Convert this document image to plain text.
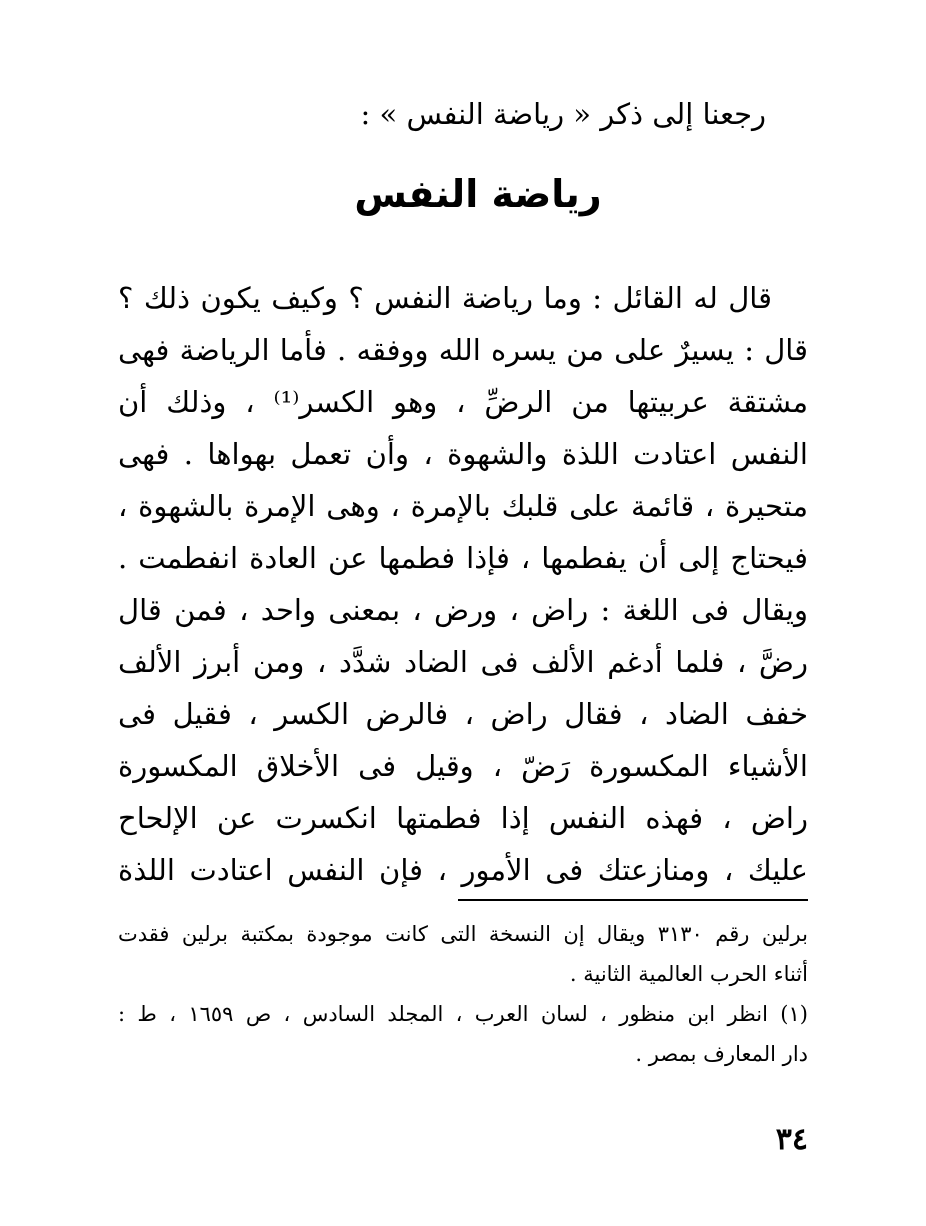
رجعنا إلى ذكر « رياضة النفس » :
رياضة النفس
قال له القائل : وما رياضة النفس ؟ وكيف يكون ذلك ؟
قال : يسيرٌ على من يسره الله ووفقه . فأما الرياضة فهى
مشتقة عربيتها من الرضِّ ، وهو الكسر⁽¹⁾ ، وذلك أن
النفس اعتادت اللذة والشهوة ، وأن تعمل بهواها . فهى
متحيرة ، قائمة على قلبك بالإمرة ، وهى الإمرة بالشهوة ،
فيحتاج إلى أن يفطمها ، فإذا فطمها عن العادة انفطمت .
ويقال فى اللغة : راض ، ورض ، بمعنى واحد ، فمن قال
رضَّ ، فلما أدغم الألف فى الضاد شدَّد ، ومن أبرز الألف
خفف الضاد ، فقال راض ، فالرض الكسر ، فقيل فى
الأشياء المكسورة رَضّ ، وقيل فى الأخلاق المكسورة
راض ، فهذه النفس إذا فطمتها انكسرت عن الإلحاح
عليك ، ومنازعتك فى الأمور ، فإن النفس اعتادت اللذة
برلين رقم ٣١٣٠ ويقال إن النسخة التى كانت موجودة بمكتبة برلين فقدت
أثناء الحرب العالمية الثانية .
(١) انظر ابن منظور ، لسان العرب ، المجلد السادس ، ص ١٦٥٩ ، ط :
دار المعارف بمصر .
٣٤
